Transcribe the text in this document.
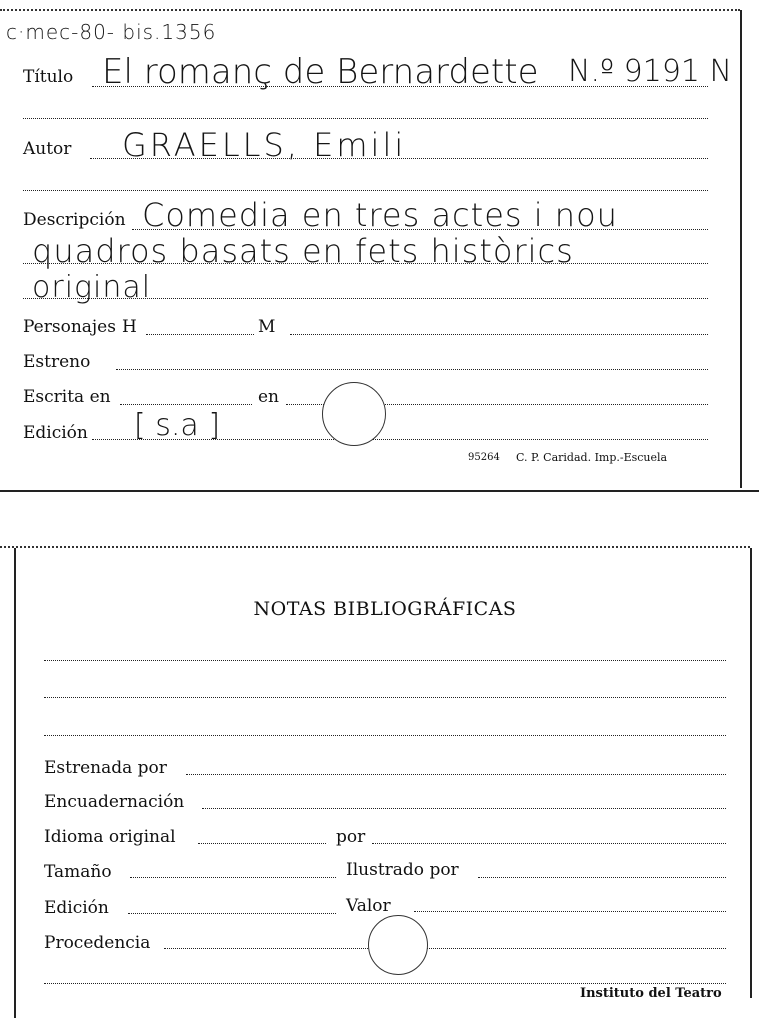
c·mec-80- bis.1356
Título El romanç de Bernardette N.º 9191 N
Autor GRAELLS, Emili
Descripción Comedia en tres actes i nou
quadros basats en fets històrics
original
Personajes H	M
Estreno
Escrita en	en
Edición [ s.a ]
95264 C. P. Caridad. Imp.-Escuela
NOTAS BIBLIOGRÁFICAS
Estrenada por
Encuadernación
Idioma original	por
Tamaño	Ilustrado por
Edición	Valor
Procedencia
Instituto del Teatro
